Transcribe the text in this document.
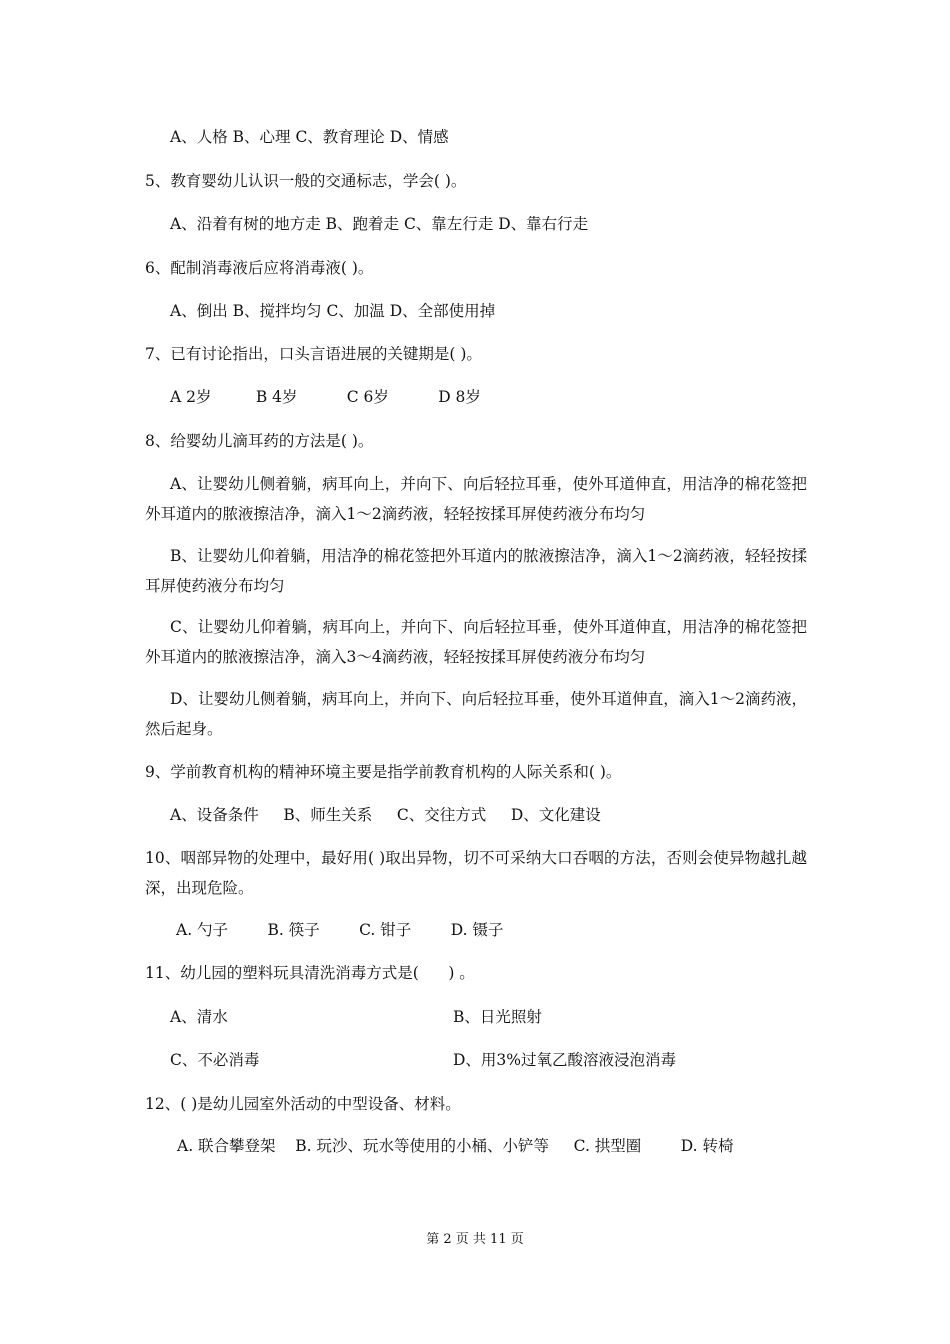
A、人格 B、心理 C、教育理论 D、情感
5、教育婴幼儿认识一般的交通标志，学会( )。
A、沿着有树的地方走 B、跑着走 C、靠左行走 D、靠右行走
6、配制消毒液后应将消毒液( )。
A、倒出 B、搅拌均匀 C、加温 D、全部使用掉
7、已有讨论指出，口头言语进展的关键期是( )。
A 2岁         B 4岁          C 6岁          D 8岁
8、给婴幼儿滴耳药的方法是( )。
A、让婴幼儿侧着躺，病耳向上，并向下、向后轻拉耳垂，使外耳道伸直，用洁净的棉花签把外耳道内的脓液擦洁净，滴入1～2滴药液，轻轻按揉耳屏使药液分布均匀
B、让婴幼儿仰着躺，用洁净的棉花签把外耳道内的脓液擦洁净，滴入1～2滴药液，轻轻按揉耳屏使药液分布均匀
C、让婴幼儿仰着躺，病耳向上，并向下、向后轻拉耳垂，使外耳道伸直，用洁净的棉花签把外耳道内的脓液擦洁净，滴入3～4滴药液，轻轻按揉耳屏使药液分布均匀
D、让婴幼儿侧着躺，病耳向上，并向下、向后轻拉耳垂，使外耳道伸直，滴入1～2滴药液，然后起身。
9、学前教育机构的精神环境主要是指学前教育机构的人际关系和( )。
A、设备条件     B、师生关系     C、交往方式     D、文化建设
10、咽部异物的处理中，最好用( )取出异物，切不可采纳大口吞咽的方法，否则会使异物越扎越深，出现危险。
A. 勺子        B. 筷子        C. 钳子        D. 镊子
11、幼儿园的塑料玩具清洗消毒方式是(      ) 。
A、清水	B、日光照射
C、不必消毒	D、用3%过氧乙酸溶液浸泡消毒
12、( )是幼儿园室外活动的中型设备、材料。
A. 联合攀登架    B. 玩沙、玩水等使用的小桶、小铲等     C. 拱型圈        D. 转椅
第 2 页 共 11 页
